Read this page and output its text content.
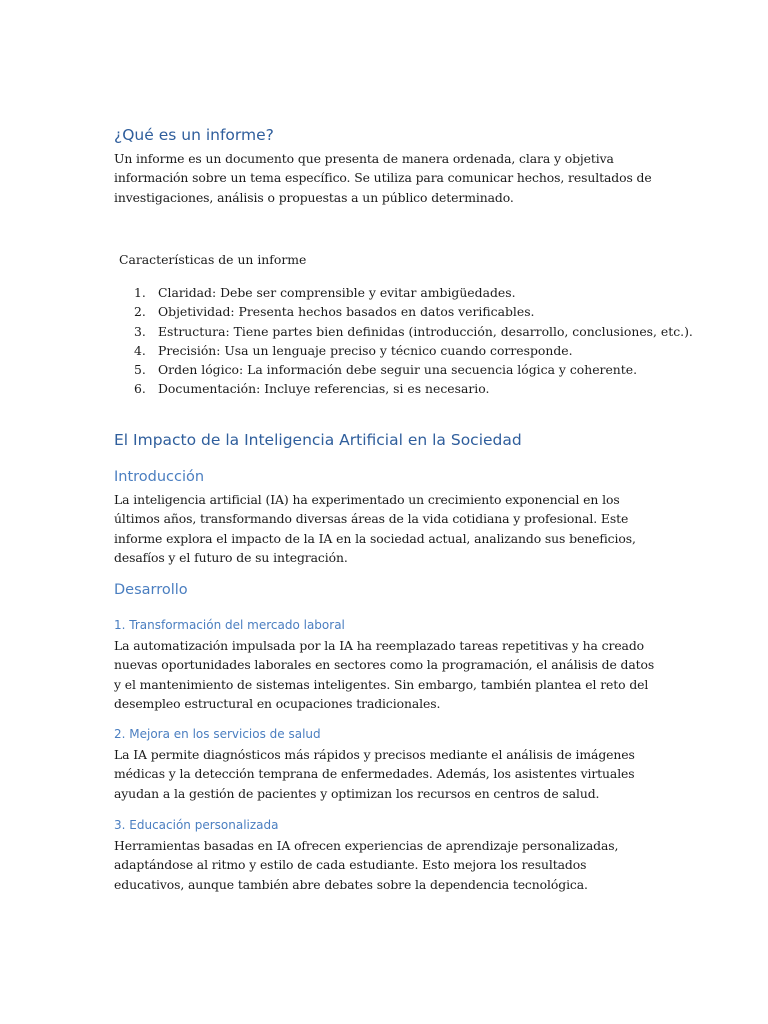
¿Qué es un informe?

Un informe es un documento que presenta de manera ordenada, clara y objetiva información sobre un tema específico. Se utiliza para comunicar hechos, resultados de investigaciones, análisis o propuestas a un público determinado.

Características de un informe

1. Claridad: Debe ser comprensible y evitar ambigüedades.
2. Objetividad: Presenta hechos basados en datos verificables.
3. Estructura: Tiene partes bien definidas (introducción, desarrollo, conclusiones, etc.).
4. Precisión: Usa un lenguaje preciso y técnico cuando corresponde.
5. Orden lógico: La información debe seguir una secuencia lógica y coherente.
6. Documentación: Incluye referencias, si es necesario.
El Impacto de la Inteligencia Artificial en la Sociedad
Introducción

La inteligencia artificial (IA) ha experimentado un crecimiento exponencial en los últimos años, transformando diversas áreas de la vida cotidiana y profesional. Este informe explora el impacto de la IA en la sociedad actual, analizando sus beneficios, desafíos y el futuro de su integración.

Desarrollo
1. Transformación del mercado laboral

La automatización impulsada por la IA ha reemplazado tareas repetitivas y ha creado nuevas oportunidades laborales en sectores como la programación, el análisis de datos y el mantenimiento de sistemas inteligentes. Sin embargo, también plantea el reto del desempleo estructural en ocupaciones tradicionales.

2. Mejora en los servicios de salud

La IA permite diagnósticos más rápidos y precisos mediante el análisis de imágenes médicas y la detección temprana de enfermedades. Además, los asistentes virtuales ayudan a la gestión de pacientes y optimizan los recursos en centros de salud.

3. Educación personalizada

Herramientas basadas en IA ofrecen experiencias de aprendizaje personalizadas, adaptándose al ritmo y estilo de cada estudiante. Esto mejora los resultados educativos, aunque también abre debates sobre la dependencia tecnológica.
